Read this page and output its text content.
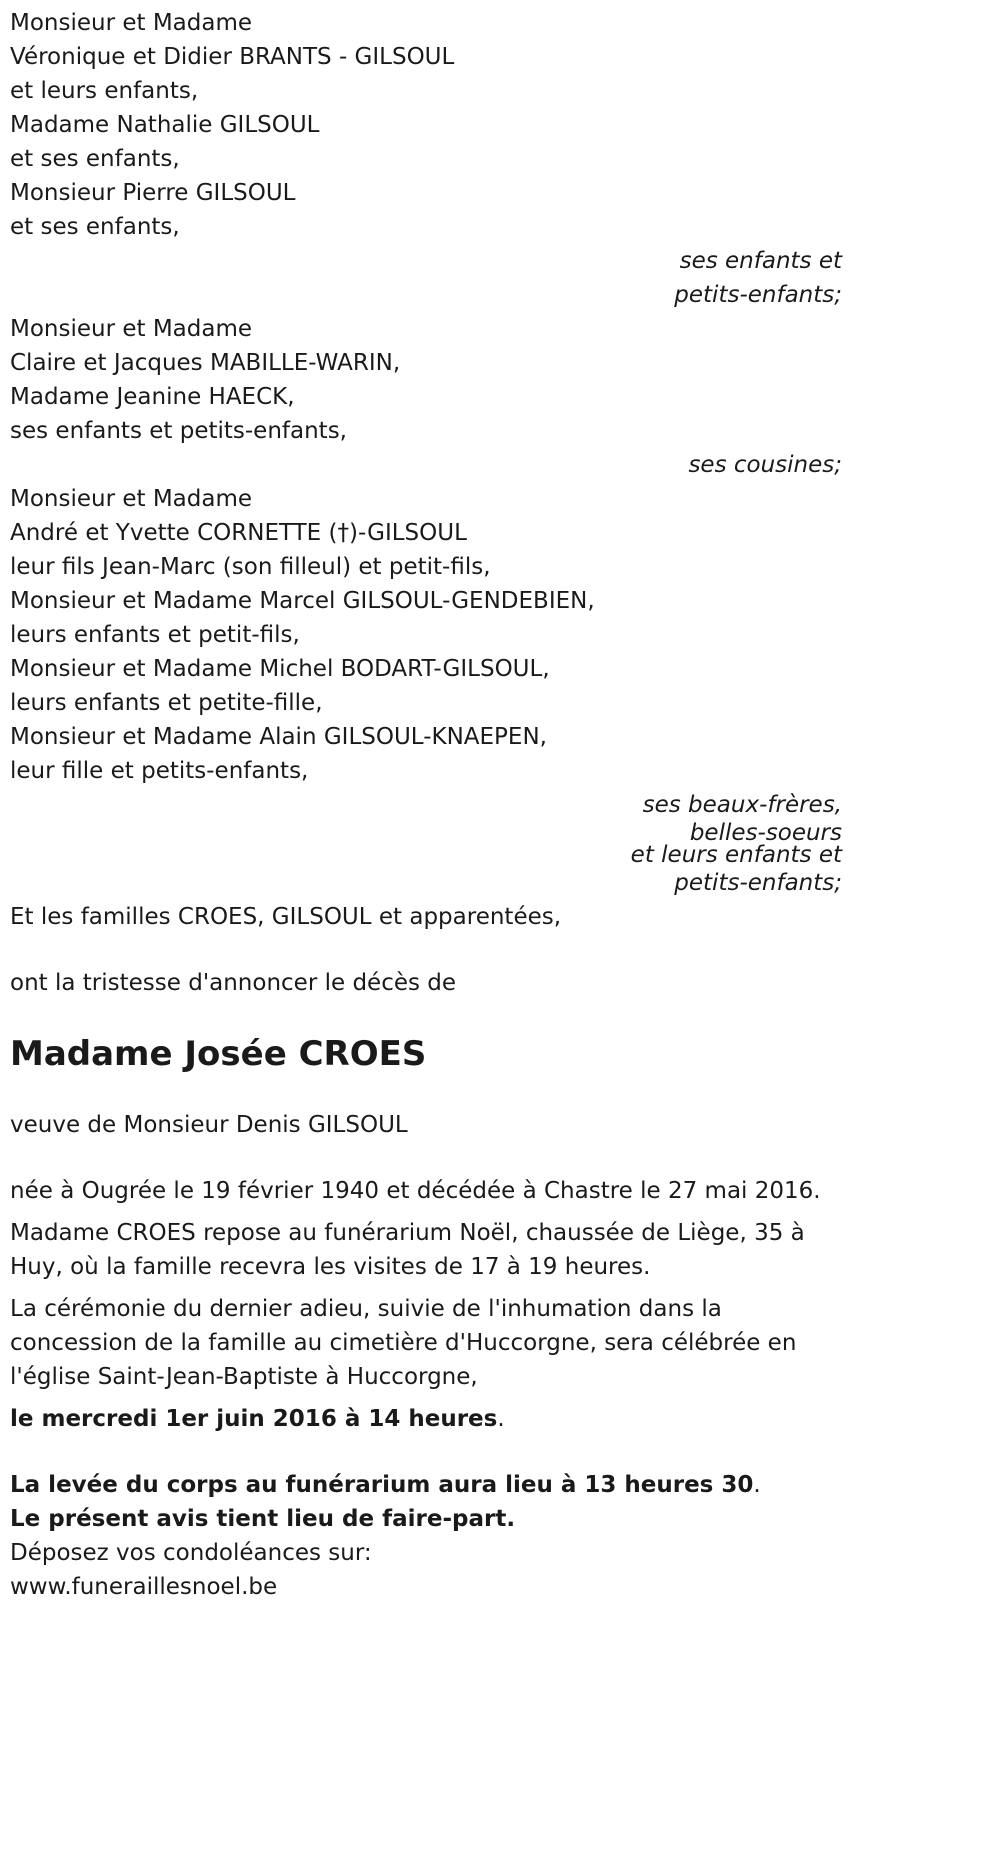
Monsieur et Madame
Véronique et Didier BRANTS - GILSOUL
et leurs enfants,
Madame Nathalie GILSOUL
et ses enfants,
Monsieur Pierre GILSOUL
et ses enfants,
ses enfants et
petits-enfants;
Monsieur et Madame
Claire et Jacques MABILLE-WARIN,
Madame Jeanine HAECK,
ses enfants et petits-enfants,
ses cousines;
Monsieur et Madame
André et Yvette CORNETTE (†)-GILSOUL
leur fils Jean-Marc (son filleul) et petit-fils,
Monsieur et Madame Marcel GILSOUL-GENDEBIEN,
leurs enfants et petit-fils,
Monsieur et Madame Michel BODART-GILSOUL,
leurs enfants et petite-fille,
Monsieur et Madame Alain GILSOUL-KNAEPEN,
leur fille et petits-enfants,
ses beaux-frères,
belles-soeurs
et leurs enfants et
petits-enfants;
Et les familles CROES, GILSOUL et apparentées,
ont la tristesse d'annoncer le décès de
Madame Josée CROES
veuve de Monsieur Denis GILSOUL
née à Ougrée le 19 février 1940 et décédée à Chastre le 27 mai 2016.
Madame CROES repose au funérarium Noël, chaussée de Liège, 35 à Huy, où la famille recevra les visites de 17 à 19 heures.
La cérémonie du dernier adieu, suivie de l'inhumation dans la concession de la famille au cimetière d'Huccorgne, sera célébrée en l'église Saint-Jean-Baptiste à Huccorgne,
le mercredi 1er juin 2016 à 14 heures.
La levée du corps au funérarium aura lieu à 13 heures 30.
Le présent avis tient lieu de faire-part.
Déposez vos condoléances sur:
www.funeraillesnoel.be
